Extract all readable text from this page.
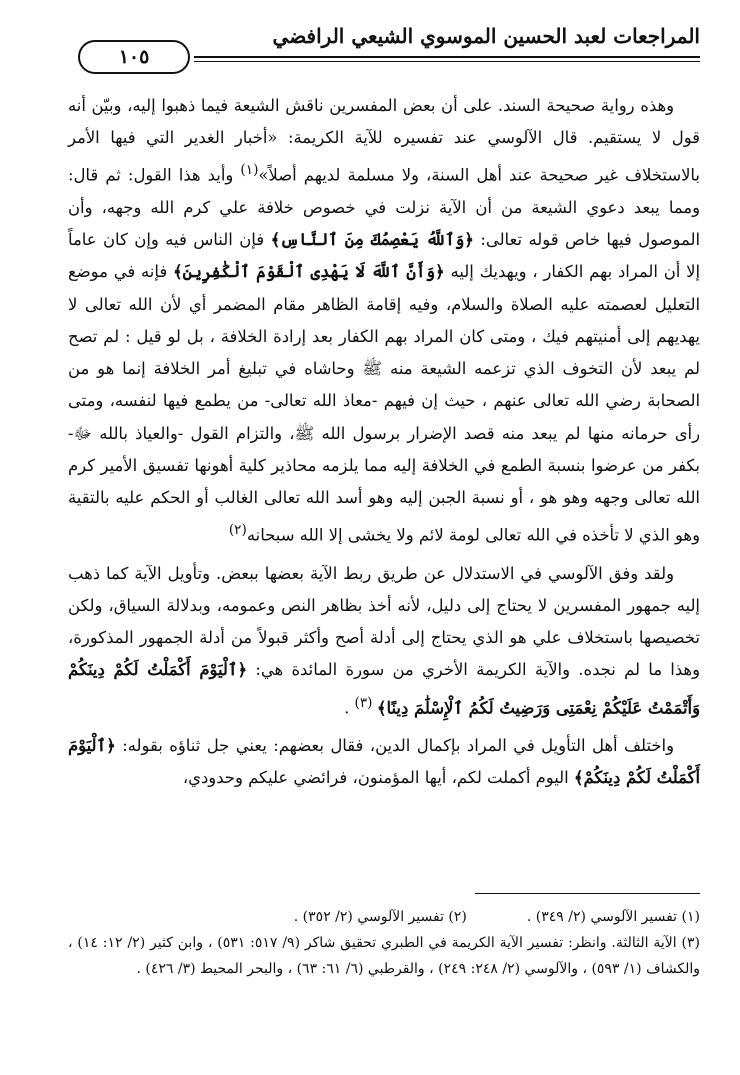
المراجعات لعبد الحسين الموسوي الشيعي الرافضي
١٠٥

وهذه رواية صحيحة السند. على أن بعض المفسرين ناقش الشيعة فيما ذهبوا إليه، وبيّن أنه قول لا يستقيم. قال الآلوسي عند تفسيره للآية الكريمة: «أخبار الغدير التي فيها الأمر بالاستخلاف غير صحيحة عند أهل السنة، ولا مسلمة لديهم أصلاً»$^{(١)}$ وأيد هذا القول: ثم قال: ومما يبعد دعوي الشيعة من أن الآية نزلت في خصوص خلافة علي كرم الله وجهه، وأن الموصول فيها خاص قوله تعالى: ﴿وَٱللَّهُ يَعْصِمُكَ مِنَ ٱلنَّاسِ﴾ فإن الناس فيه وإن كان عاماً إلا أن المراد بهم الكفار ، ويهديك إليه ﴿وَأَنَّ ٱللَّهَ لَا يَهْدِى ٱلْقَوْمَ ٱلْكَٰفِرِينَ﴾ فإنه في موضع التعليل لعصمته عليه الصلاة والسلام، وفيه إقامة الظاهر مقام المضمر أي لأن الله تعالى لا يهديهم إلى أمنيتهم فيك ، ومتى كان المراد بهم الكفار بعد إرادة الخلافة ، بل لو قيل : لم تصح لم يبعد لأن التخوف الذي تزعمه الشيعة منه ﷺ وحاشاه في تبليغ أمر الخلافة إنما هو من الصحابة رضي الله تعالى عنهم ، حيث إن فيهم -معاذ الله تعالى- من يطمع فيها لنفسه، ومتى رأى حرمانه منها لم يبعد منه قصد الإضرار برسول الله ﷺ، والتزام القول -والعياذ بالله ﷻ- بكفر من عرضوا بنسبة الطمع في الخلافة إليه مما يلزمه محاذير كلية أهونها تفسيق الأمير كرم الله تعالى وجهه وهو هو ، أو نسبة الجبن إليه وهو أسد الله تعالى الغالب أو الحكم عليه بالتقية وهو الذي لا تأخذه في الله تعالى لومة لائم ولا يخشى إلا الله سبحانه$^{(٢)}$

ولقد وفق الآلوسي في الاستدلال عن طريق ربط الآية بعضها ببعض. وتأويل الآية كما ذهب إليه جمهور المفسرين لا يحتاج إلى دليل، لأنه أخذ بظاهر النص وعمومه، وبدلالة السياق، ولكن تخصيصها باستخلاف علي هو الذي يحتاج إلى أدلة أصح وأكثر قبولاً من أدلة الجمهور المذكورة، وهذا ما لم نجده. والآية الكريمة الأخري من سورة المائدة هي: ﴿ٱلْيَوْمَ أَكْمَلْتُ لَكُمْ دِينَكُمْ وَأَتْمَمْتُ عَلَيْكُمْ نِعْمَتِى وَرَضِيتُ لَكُمُ ٱلْإِسْلَٰمَ دِينًا﴾ $^{(٣)}$ .

واختلف أهل التأويل في المراد بإكمال الدين، فقال بعضهم: يعني جل ثناؤه بقوله: ﴿ٱلْيَوْمَ أَكْمَلْتُ لَكُمْ دِينَكُمْ﴾ اليوم أكملت لكم، أيها المؤمنون، فرائضي عليكم وحدودي،

(١) تفسير الآلوسي (٢/ ٣٤٩) .
(٢) تفسير الآلوسي (٢/ ٣٥٢) .
(٣) الآية الثالثة. وانظر: تفسير الآية الكريمة في الطبري تحقيق شاكر (٩/ ٥١٧: ٥٣١) ، وابن كثير (٢/ ١٢: ١٤) ، والكشاف (١/ ٥٩٣) ، والآلوسي (٢/ ٢٤٨: ٢٤٩) ، والقرطبي (٦/ ٦١: ٦٣) ، والبحر المحيط (٣/ ٤٢٦) .
